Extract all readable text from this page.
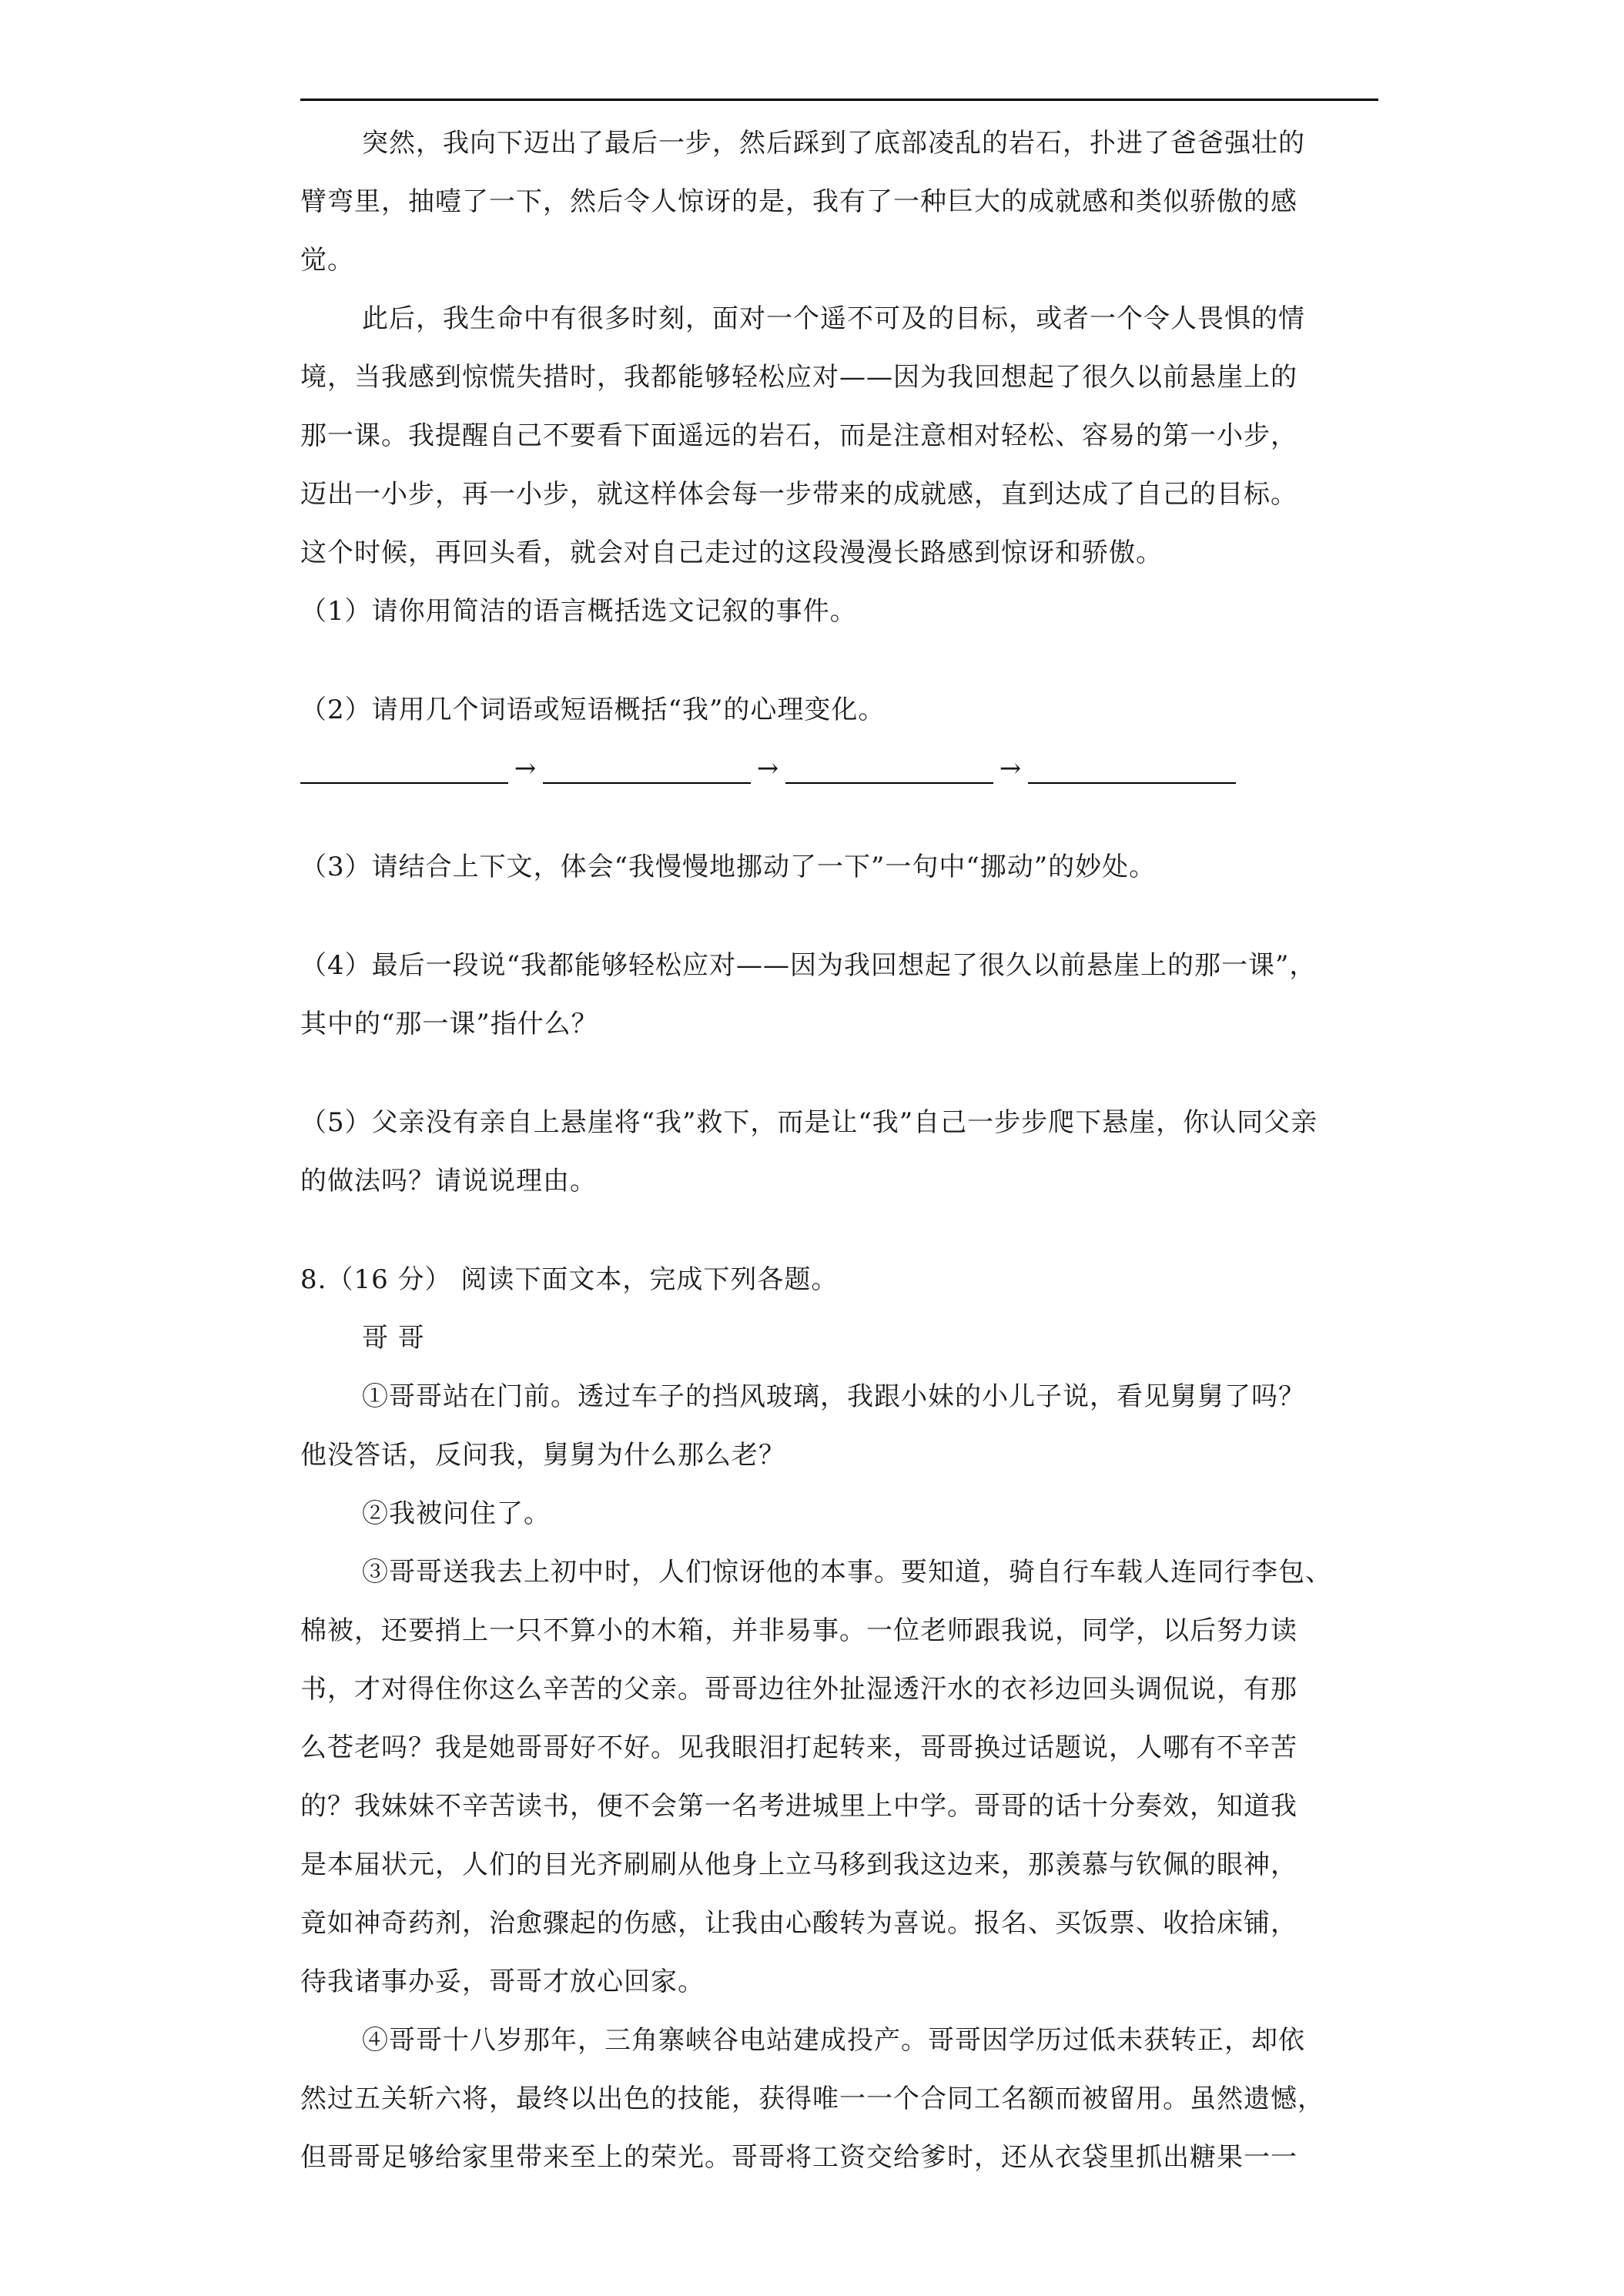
突然，我向下迈出了最后一步，然后踩到了底部凌乱的岩石，扑进了爸爸强壮的

臂弯里，抽噎了一下，然后令人惊讶的是，我有了一种巨大的成就感和类似骄傲的感

觉。

此后，我生命中有很多时刻，面对一个遥不可及的目标，或者一个令人畏惧的情

境，当我感到惊慌失措时，我都能够轻松应对——因为我回想起了很久以前悬崖上的

那一课。我提醒自己不要看下面遥远的岩石，而是注意相对轻松、容易的第一小步，

迈出一小步，再一小步，就这样体会每一步带来的成就感，直到达成了自己的目标。

这个时候，再回头看，就会对自己走过的这段漫漫长路感到惊讶和骄傲。

（1）请你用简洁的语言概括选文记叙的事件。

（2）请用几个词语或短语概括“我”的心理变化。

→	→	→

（3）请结合上下文，体会“我慢慢地挪动了一下”一句中“挪动”的妙处。

（4）最后一段说“我都能够轻松应对——因为我回想起了很久以前悬崖上的那一课”，

其中的“那一课”指什么？

（5）父亲没有亲自上悬崖将“我”救下，而是让“我”自己一步步爬下悬崖，你认同父亲

的做法吗？请说说理由。

8.（16 分） 阅读下面文本，完成下列各题。

哥 哥

①哥哥站在门前。透过车子的挡风玻璃，我跟小妹的小儿子说，看见舅舅了吗？

他没答话，反问我，舅舅为什么那么老？

②我被问住了。

③哥哥送我去上初中时，人们惊讶他的本事。要知道，骑自行车载人连同行李包、

棉被，还要捎上一只不算小的木箱，并非易事。一位老师跟我说，同学，以后努力读

书，才对得住你这么辛苦的父亲。哥哥边往外扯湿透汗水的衣衫边回头调侃说，有那

么苍老吗？我是她哥哥好不好。见我眼泪打起转来，哥哥换过话题说，人哪有不辛苦

的？我妹妹不辛苦读书，便不会第一名考进城里上中学。哥哥的话十分奏效，知道我

是本届状元，人们的目光齐刷刷从他身上立马移到我这边来，那羡慕与钦佩的眼神，

竟如神奇药剂，治愈骤起的伤感，让我由心酸转为喜说。报名、买饭票、收拾床铺，

待我诸事办妥，哥哥才放心回家。

④哥哥十八岁那年，三角寨峡谷电站建成投产。哥哥因学历过低未获转正，却依

然过五关斩六将，最终以出色的技能，获得唯一一个合同工名额而被留用。虽然遗憾，

但哥哥足够给家里带来至上的荣光。哥哥将工资交给爹时，还从衣袋里抓出糖果一一
